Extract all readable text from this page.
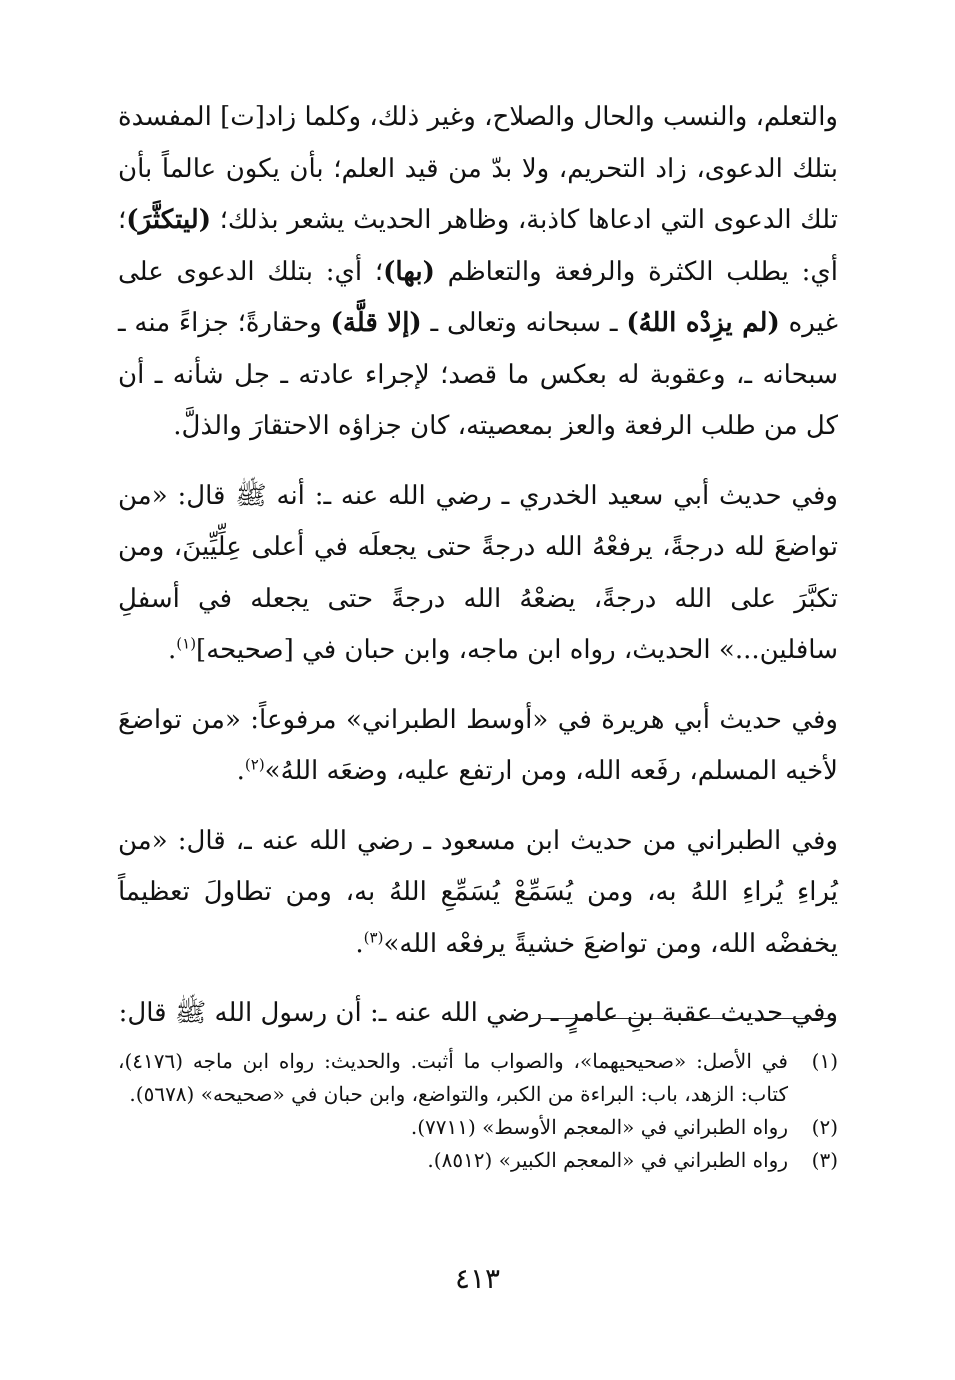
والتعلم، والنسب والحال والصلاح، وغير ذلك، وكلما زاد[ت] المفسدة بتلك الدعوى، زاد التحريم، ولا بدّ من قيد العلم؛ بأن يكون عالماً بأن تلك الدعوى التي ادعاها كاذبة، وظاهر الحديث يشعر بذلك؛ (ليتكثَّرَ)؛ أي: يطلب الكثرة والرفعة والتعاظم (بها)؛ أي: بتلك الدعوى على غيره (لم يزِدْه اللهُ) ـ سبحانه وتعالى ـ (إلا قلَّة) وحقارةً؛ جزاءً منه ـ سبحانه ـ، وعقوبة له بعكس ما قصد؛ لإجراء عادته ـ جل شأنه ـ أن كل من طلب الرفعة والعز بمعصيته، كان جزاؤه الاحتقارَ والذلَّ.

وفي حديث أبي سعيد الخدري ـ رضي الله عنه ـ: أنه ﷺ قال: «من تواضعَ لله درجةً، يرفعْهُ الله درجةً حتى يجعلَه في أعلى عِلِّيِّينَ، ومن تكبَّرَ على الله درجةً، يضعْهُ الله درجةً حتى يجعله في أسفلِ سافلين...» الحديث، رواه ابن ماجه، وابن حبان في [صحيحه]$^{(١)}$.

وفي حديث أبي هريرة في «أوسط الطبراني» مرفوعاً: «من تواضعَ لأخيه المسلم، رفَعه الله، ومن ارتفع عليه، وضعَه اللهُ»$^{(٢)}$.

وفي الطبراني من حديث ابن مسعود ـ رضي الله عنه ـ، قال: «من يُراءِ يُراءِ اللهُ به، ومن يُسَمِّعْ يُسَمِّعِ اللهُ به، ومن تطاولَ تعظيماً يخفضْه الله، ومن تواضعَ خشيةً يرفعْه الله»$^{(٣)}$.

وفي حديث عقبة بنِ عامرٍ ـ رضي الله عنه ـ: أن رسول الله ﷺ قال:

(١)
في الأصل: «صحيحيهما»، والصواب ما أثبت. والحديث: رواه ابن ماجه (٤١٧٦)، كتاب: الزهد، باب: البراءة من الكبر، والتواضع، وابن حبان في «صحيحه» (٥٦٧٨).
(٢)
رواه الطبراني في «المعجم الأوسط» (٧٧١١).
(٣)
رواه الطبراني في «المعجم الكبير» (٨٥١٢).
٤١٣
